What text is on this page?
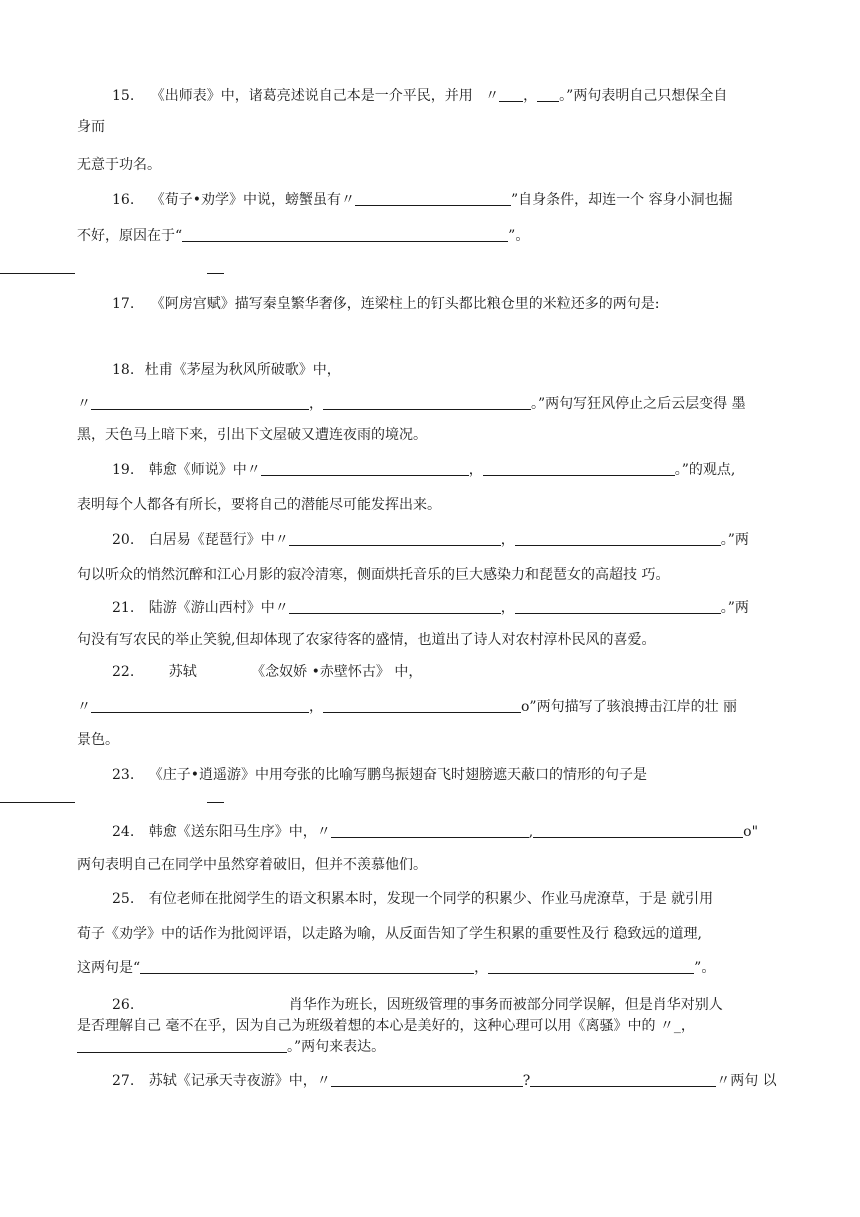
15. 《出师表》中，诸葛亮述说自己本是一介平民，并用 〃 ， 。”两句表明自己只想保全自
身而
无意于功名。
16. 《荀子•劝学》中说，螃蟹虽有〃	”自身条件，却连一个 容身小洞也掘
不好，原因在于“	”。
17. 《阿房宫赋》描写秦皇繁华奢侈，连梁柱上的钉头都比粮仓里的米粒还多的两句是:
18. 杜甫《茅屋为秋风所破歌》中，
〃	，	。”两句写狂风停止之后云层变得 墨
黑，天色马上暗下来，引出下文屋破又遭连夜雨的境况。
19. 韩愈《师说》中〃	，	。”的观点,
表明每个人都各有所长，要将自己的潜能尽可能发挥出来。
20. 白居易《琵琶行》中〃	，	。”两
句以听众的悄然沉醉和江心月影的寂冷清寒，侧面烘托音乐的巨大感染力和琵琶女的高超技 巧。
21. 陆游《游山西村》中〃	，	。”两
句没有写农民的举止笑貌,但却体现了农家待客的盛情，也道出了诗人对农村淳朴民风的喜爱。
22. 苏轼	《念奴娇 •赤壁怀古》 中，
〃	，	o”两句描写了骇浪搏击江岸的壮 丽
景色。
23. 《庄子•逍遥游》中用夸张的比喻写鹏鸟振翅奋飞时翅膀遮天蔽口的情形的句子是
24. 韩愈《送东阳马生序》中，〃	,	o"
两句表明自己在同学中虽然穿着破旧，但并不羡慕他们。
25. 有位老师在批阅学生的语文积累本时，发现一个同学的积累少、作业马虎潦草，于是 就引用
荀子《劝学》中的话作为批阅评语，以走路为喻，从反面告知了学生积累的重要性及行 稳致远的道理,
这两句是“	，	”。
26.	肖华作为班长，因班级管理的事务而被部分同学误解，但是肖华对别人
是否理解自己 毫不在乎，因为自己为班级着想的本心是美好的，这种心理可以用《离骚》中的 〃_，
。”两句来表达。
27. 苏轼《记承天寺夜游》中，〃	?	〃两句 以
